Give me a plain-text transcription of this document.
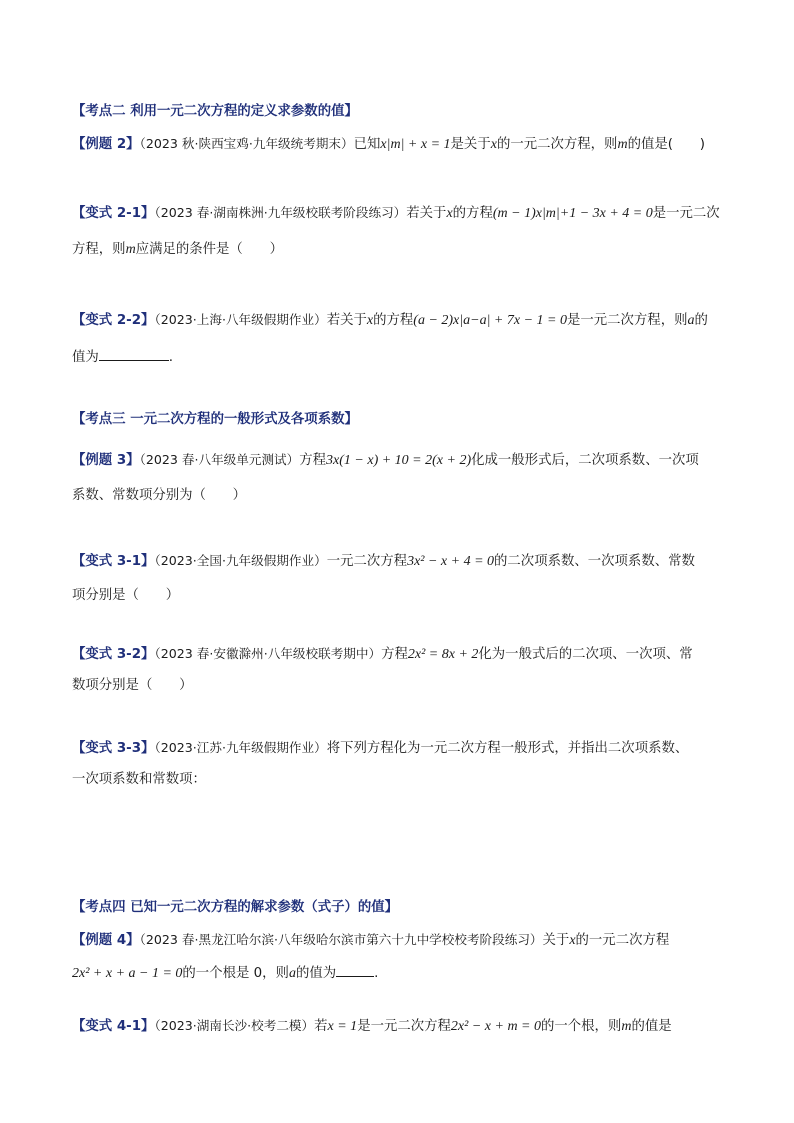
【考点二 利用一元二次方程的定义求参数的值】
【例题 2】（2023 秋·陕西宝鸡·九年级统考期末）已知x|m| + x = 1是关于x的一元二次方程，则m的值是(　　)
【变式 2-1】（2023 春·湖南株洲·九年级校联考阶段练习）若关于x的方程(m − 1)x|m|+1 − 3x + 4 = 0是一元二次
方程，则m应满足的条件是（　　）
【变式 2-2】（2023·上海·八年级假期作业）若关于x的方程(a − 2)x|a−a| + 7x − 1 = 0是一元二次方程，则a的
值为	.
【考点三 一元二次方程的一般形式及各项系数】
【例题 3】（2023 春·八年级单元测试）方程3x(1 − x) + 10 = 2(x + 2)化成一般形式后，二次项系数、一次项
系数、常数项分别为（　　）
【变式 3-1】（2023·全国·九年级假期作业）一元二次方程3x² − x + 4 = 0的二次项系数、一次项系数、常数
项分别是（　　）
【变式 3-2】（2023 春·安徽滁州·八年级校联考期中）方程2x² = 8x + 2化为一般式后的二次项、一次项、常
数项分别是（　　）
【变式 3-3】（2023·江苏·九年级假期作业）将下列方程化为一元二次方程一般形式，并指出二次项系数、
一次项系数和常数项：
【考点四 已知一元二次方程的解求参数（式子）的值】
【例题 4】（2023 春·黑龙江哈尔滨·八年级哈尔滨市第六十九中学校校考阶段练习）关于x的一元二次方程
2x² + x + a − 1 = 0的一个根是 0，则a的值为	.
【变式 4-1】（2023·湖南长沙·校考二模）若x = 1是一元二次方程2x² − x + m = 0的一个根，则m的值是
